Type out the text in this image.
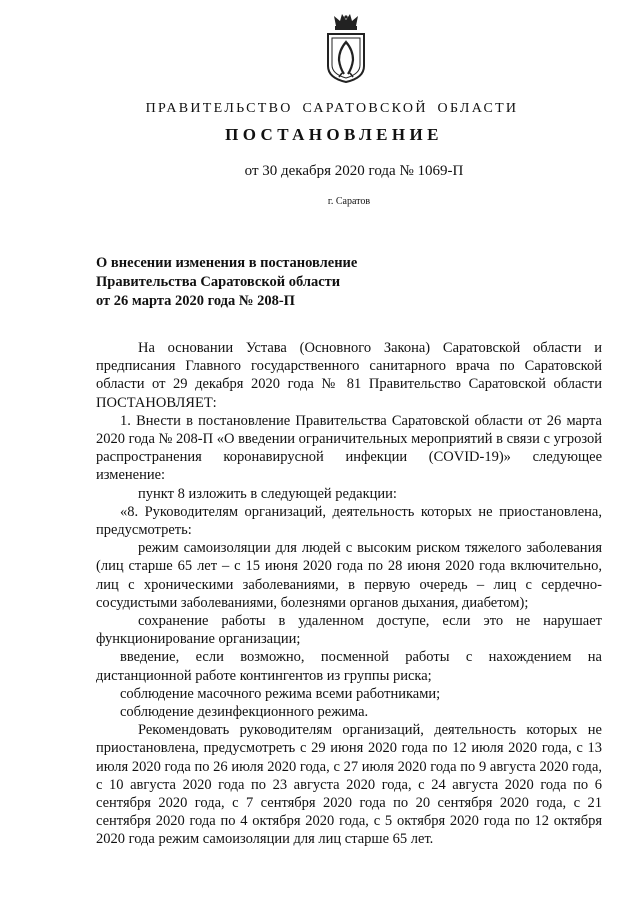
ПРАВИТЕЛЬСТВО САРАТОВСКОЙ ОБЛАСТИ
ПОСТАНОВЛЕНИЕ
от 30 декабря 2020 года № 1069-П
г. Саратов
О внесении изменения в постановление
Правительства Саратовской области
от 26 марта 2020 года № 208-П

На основании Устава (Основного Закона) Саратовской области и предписания Главного государственного санитарного врача по Саратовской области от 29 декабря 2020 года № 81 Правительство Саратовской области ПОСТАНОВЛЯЕТ:

1. Внести в постановление Правительства Саратовской области от 26 марта 2020 года № 208-П «О введении ограничительных мероприятий в связи с угрозой распространения коронавирусной инфекции (COVID-19)» следующее изменение:

пункт 8 изложить в следующей редакции:

«8. Руководителям организаций, деятельность которых не приостановлена, предусмотреть:

режим самоизоляции для людей с высоким риском тяжелого заболевания (лиц старше 65 лет – с 15 июня 2020 года по 28 июня 2020 года включительно, лиц с хроническими заболеваниями, в первую очередь – лиц с сердечно-сосудистыми заболеваниями, болезнями органов дыхания, диабетом);

сохранение работы в удаленном доступе, если это не нарушает функционирование организации;

введение, если возможно, посменной работы с нахождением на дистанционной работе контингентов из группы риска;

соблюдение масочного режима всеми работниками;

соблюдение дезинфекционного режима.

Рекомендовать руководителям организаций, деятельность которых не приостановлена, предусмотреть с 29 июня 2020 года по 12 июля 2020 года, с 13 июля 2020 года по 26 июля 2020 года, с 27 июля 2020 года по 9 августа 2020 года, с 10 августа 2020 года по 23 августа 2020 года, с 24 августа 2020 года по 6 сентября 2020 года, с 7 сентября 2020 года по 20 сентября 2020 года, с 21 сентября 2020 года по 4 октября 2020 года, с 5 октября 2020 года по 12 октября 2020 года режим самоизоляции для лиц старше 65 лет.
